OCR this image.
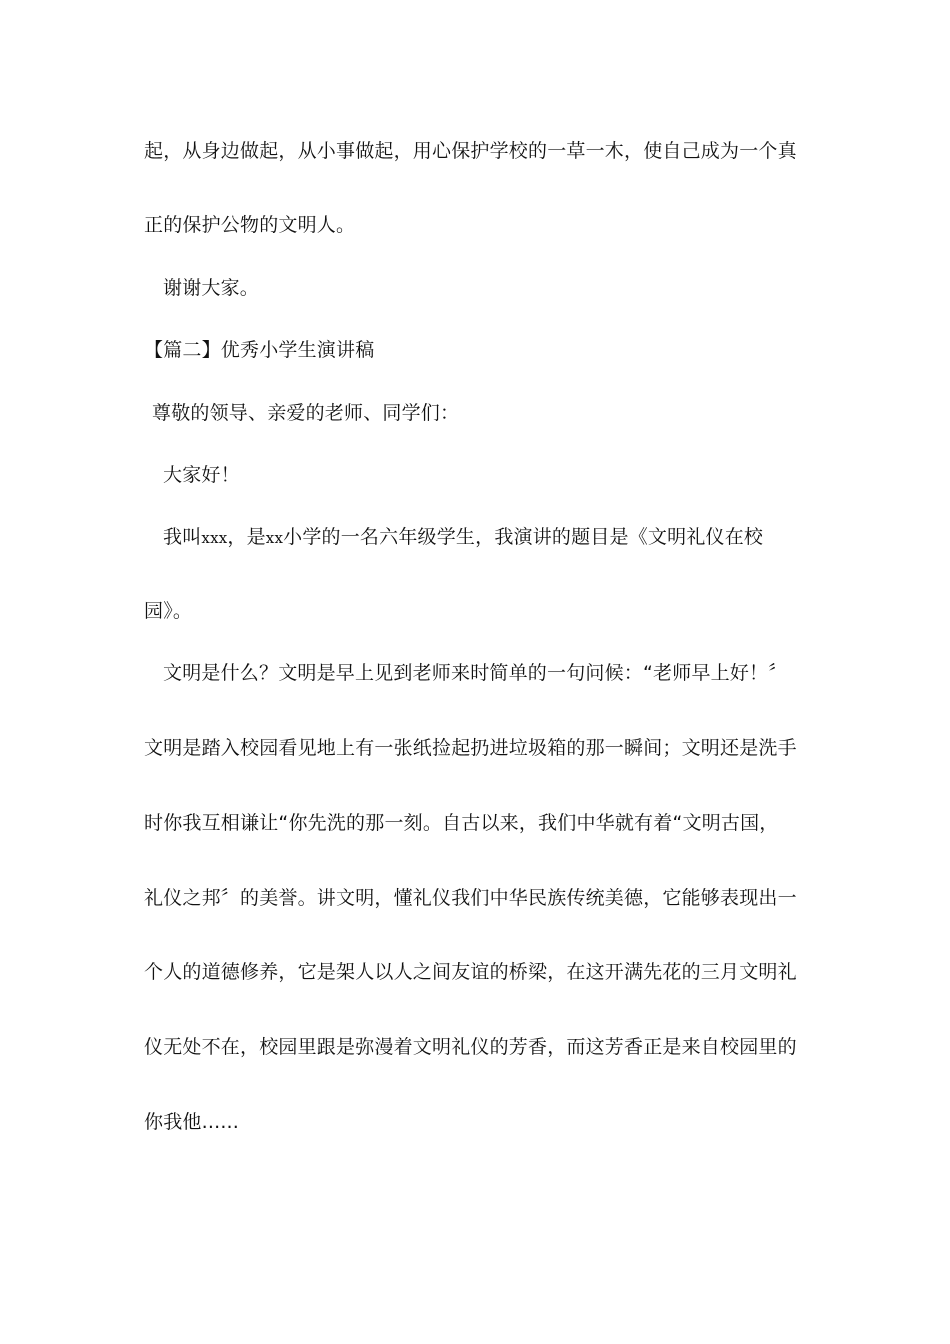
起，从身边做起，从小事做起，用心保护学校的一草一木，使自己成为一个真
正的保护公物的文明人。
谢谢大家。
【篇二】优秀小学生演讲稿
尊敬的领导、亲爱的老师、同学们：
大家好！
我叫xxx，是xx小学的一名六年级学生，我演讲的题目是《文明礼仪在校
园》。
文明是什么？文明是早上见到老师来时简单的一句问候：“老师早上好！〞
文明是踏入校园看见地上有一张纸捡起扔进垃圾箱的那一瞬间；文明还是洗手
时你我互相谦让“你先洗的那一刻。自古以来，我们中华就有着“文明古国，
礼仪之邦〞的美誉。讲文明，懂礼仪我们中华民族传统美德，它能够表现出一
个人的道德修养，它是架人以人之间友谊的桥梁，在这开满先花的三月文明礼
仪无处不在，校园里跟是弥漫着文明礼仪的芳香，而这芳香正是来自校园里的
你我他......
